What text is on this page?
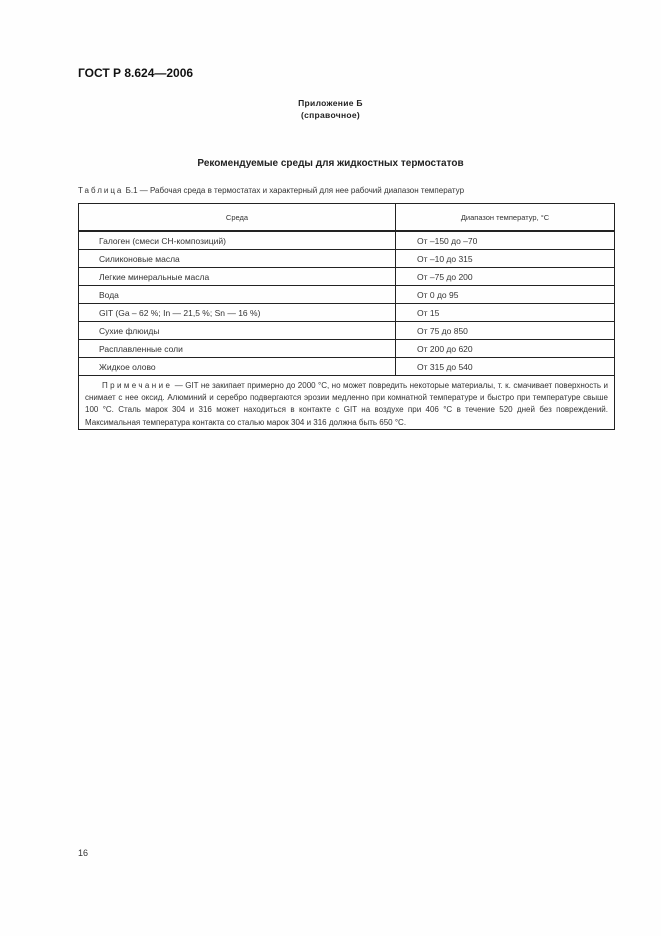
ГОСТ Р 8.624—2006
Приложение Б
(справочное)
Рекомендуемые среды для жидкостных термостатов
Таблица Б.1 — Рабочая среда в термостатах и характерный для нее рабочий диапазон температур
Среда	Диапазон температур, °С
Галоген (смеси CH-композиций)	От –150 до –70
Силиконовые масла	От –10 до 315
Легкие минеральные масла	От –75 до 200
Вода	От 0 до 95
GIT (Ga – 62 %; In — 21,5 %; Sn — 16 %)	От 15
Сухие флюиды	От 75 до 850
Расплавленные соли	От 200 до 620
Жидкое олово	От 315 до 540
Примечание — GIT не закипает примерно до 2000 °С, но может повредить некоторые материалы, т. к. смачивает поверхность и снимает с нее оксид. Алюминий и серебро подвергаются эрозии медленно при комнатной температуре и быстро при температуре свыше 100 °С. Сталь марок 304 и 316 может находиться в контакте с GIT на воздухе при 406 °С в течение 520 дней без повреждений. Максимальная температура контакта со сталью марок 304 и 316 должна быть 650 °С.	
16
